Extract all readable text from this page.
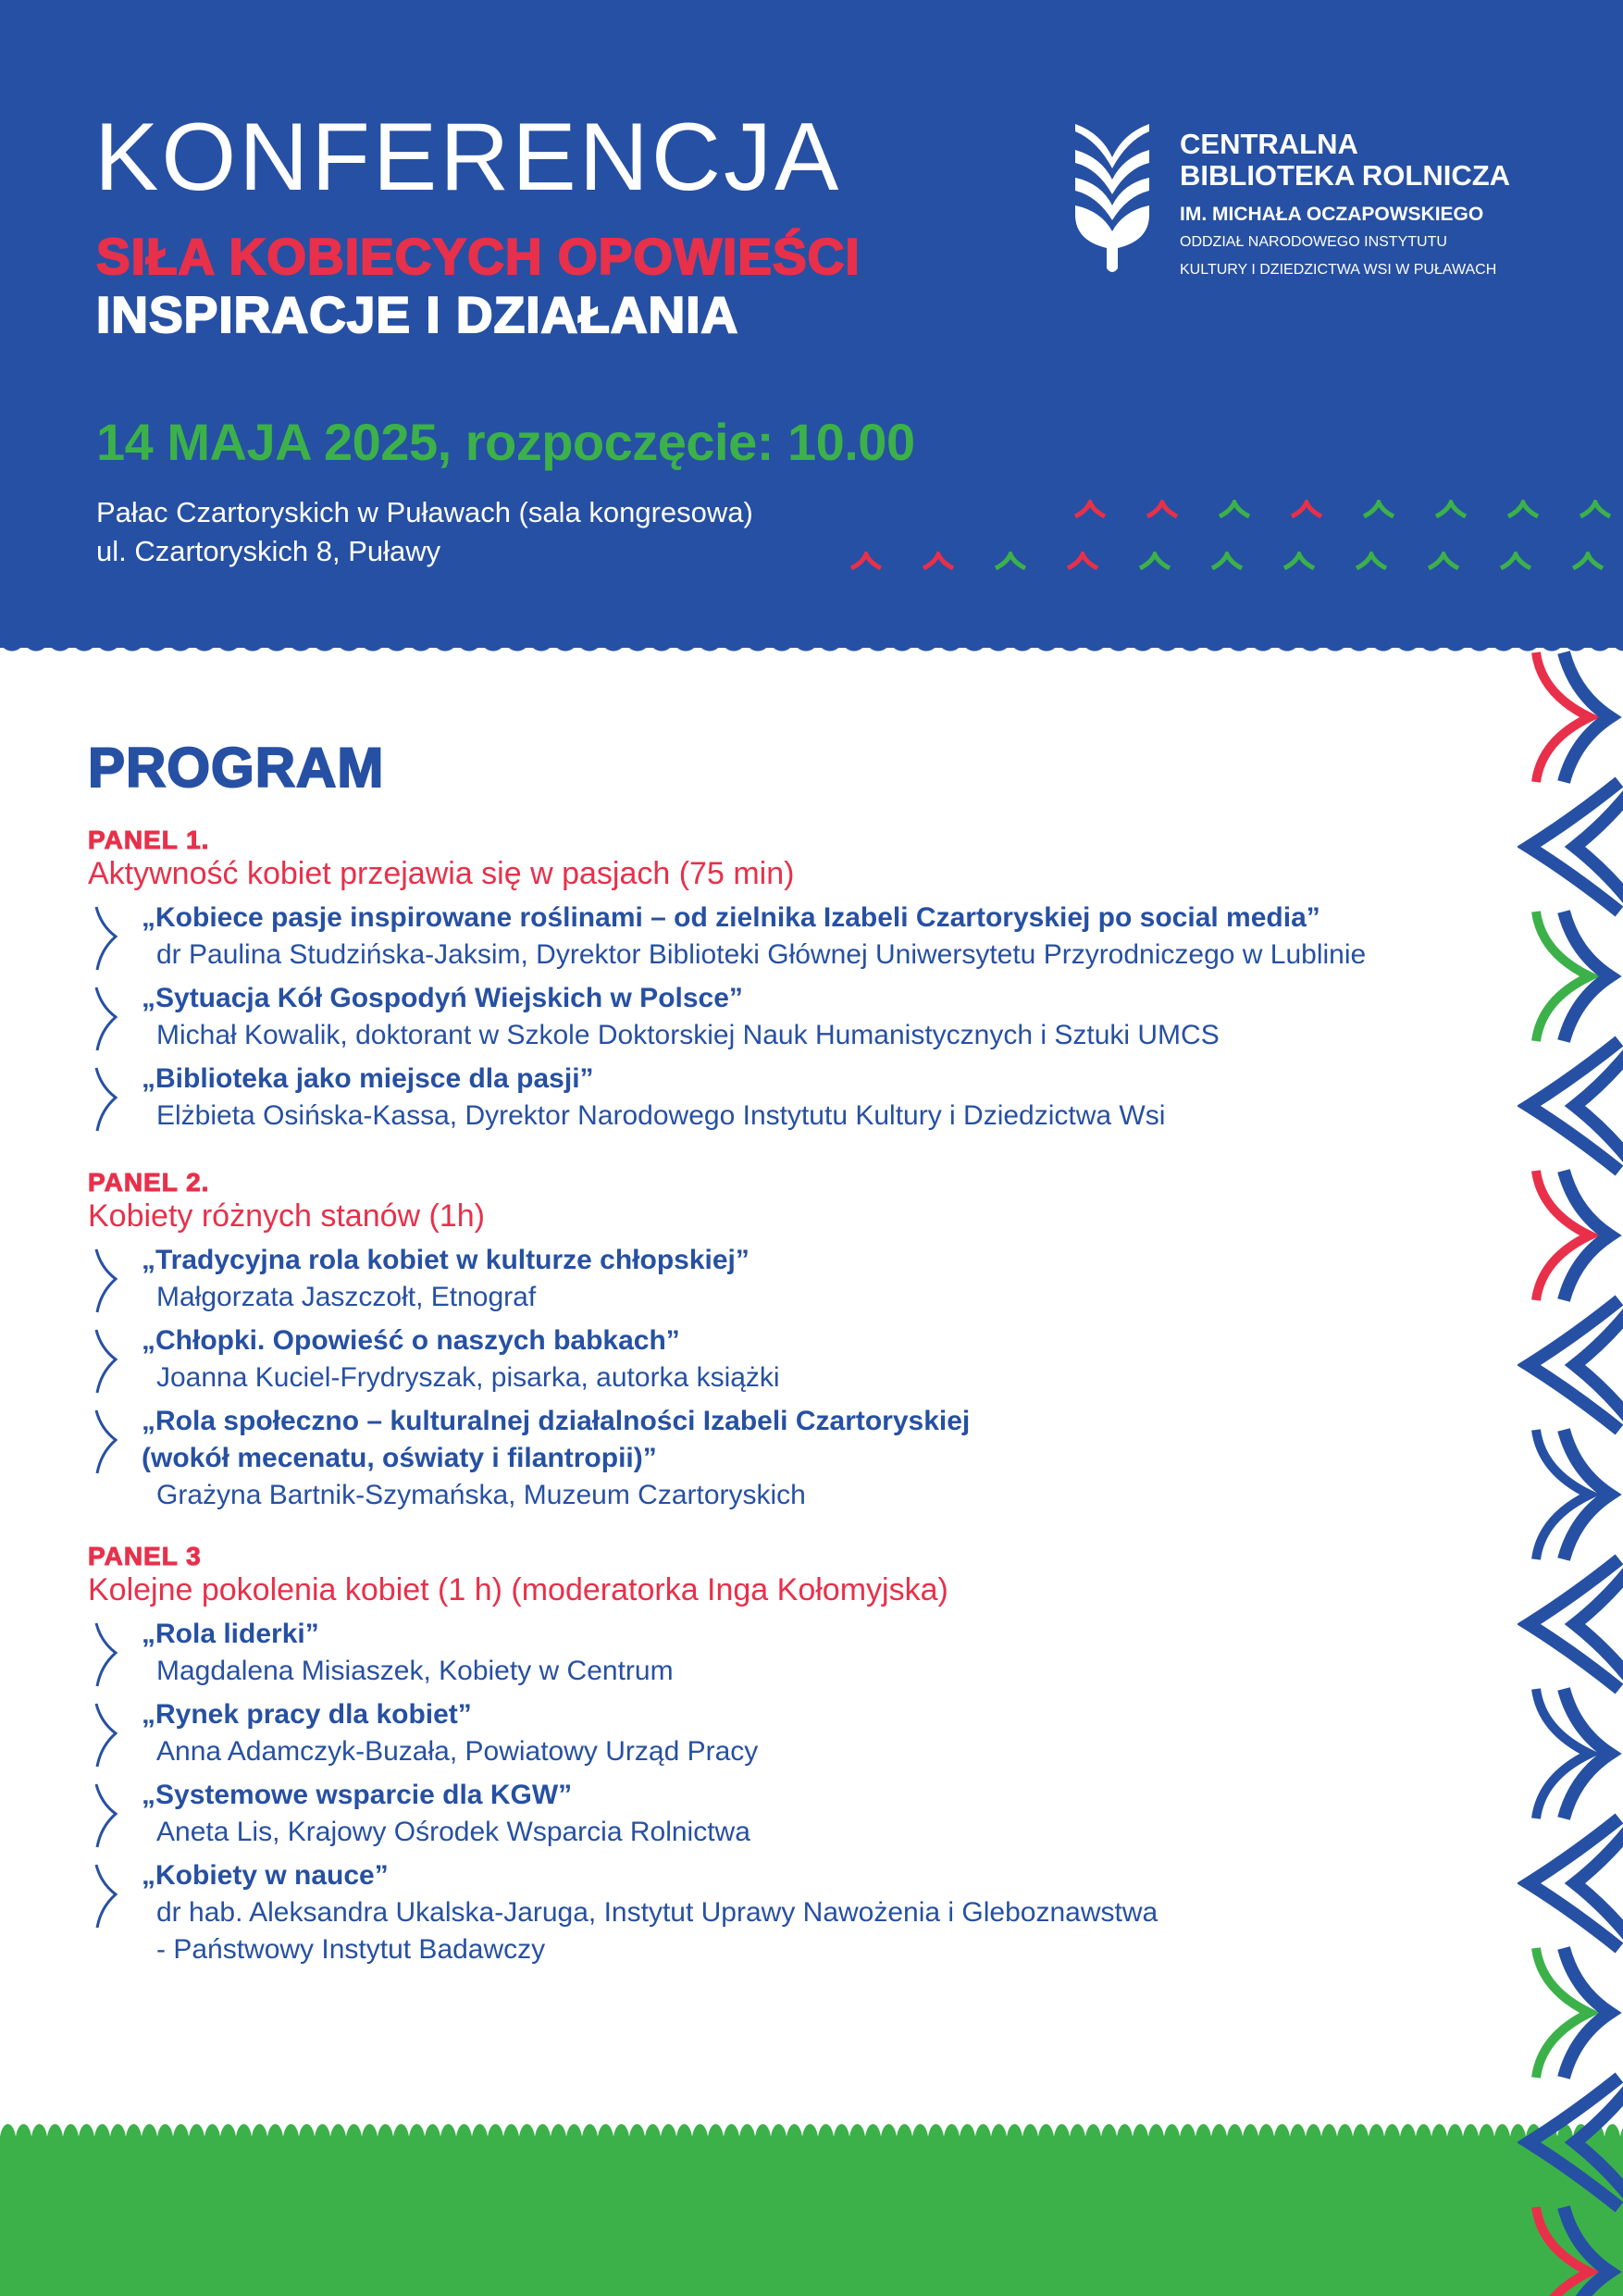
KONFERENCJA
SIŁA KOBIECYCH OPOWIEŚCI
INSPIRACJE I DZIAŁANIA
14 MAJA 2025, rozpoczęcie: 10.00
Pałac Czartoryskich w Puławach (sala kongresowa)
ul. Czartoryskich 8, Puławy
CENTRALNA
BIBLIOTEKA ROLNICZA
IM. MICHAŁA OCZAPOWSKIEGO
ODDZIAŁ NARODOWEGO INSTYTUTU
KULTURY I DZIEDZICTWA WSI W PUŁAWACH
PROGRAM
PANEL 1.
Aktywność kobiet przejawia się w pasjach (75 min)
„Kobiece pasje inspirowane roślinami – od zielnika Izabeli Czartoryskiej po social media”
dr Paulina Studzińska-Jaksim, Dyrektor Biblioteki Głównej Uniwersytetu Przyrodniczego w Lublinie
„Sytuacja Kół Gospodyń Wiejskich w Polsce”
Michał Kowalik, doktorant w Szkole Doktorskiej Nauk Humanistycznych i Sztuki UMCS
„Biblioteka jako miejsce dla pasji”
Elżbieta Osińska-Kassa, Dyrektor Narodowego Instytutu Kultury i Dziedzictwa Wsi
PANEL 2.
Kobiety różnych stanów (1h)
„Tradycyjna rola kobiet w kulturze chłopskiej”
Małgorzata Jaszczołt, Etnograf
„Chłopki. Opowieść o naszych babkach”
Joanna Kuciel-Frydryszak, pisarka, autorka książki
„Rola społeczno – kulturalnej działalności Izabeli Czartoryskiej
(wokół mecenatu, oświaty i filantropii)”
Grażyna Bartnik-Szymańska, Muzeum Czartoryskich
PANEL 3
Kolejne pokolenia kobiet (1 h) (moderatorka Inga Kołomyjska)
„Rola liderki”
Magdalena Misiaszek, Kobiety w Centrum
„Rynek pracy dla kobiet”
Anna Adamczyk-Buzała, Powiatowy Urząd Pracy
„Systemowe wsparcie dla KGW”
Aneta Lis, Krajowy Ośrodek Wsparcia Rolnictwa
„Kobiety w nauce”
dr hab. Aleksandra Ukalska-Jaruga, Instytut Uprawy Nawożenia i Gleboznawstwa
- Państwowy Instytut Badawczy
